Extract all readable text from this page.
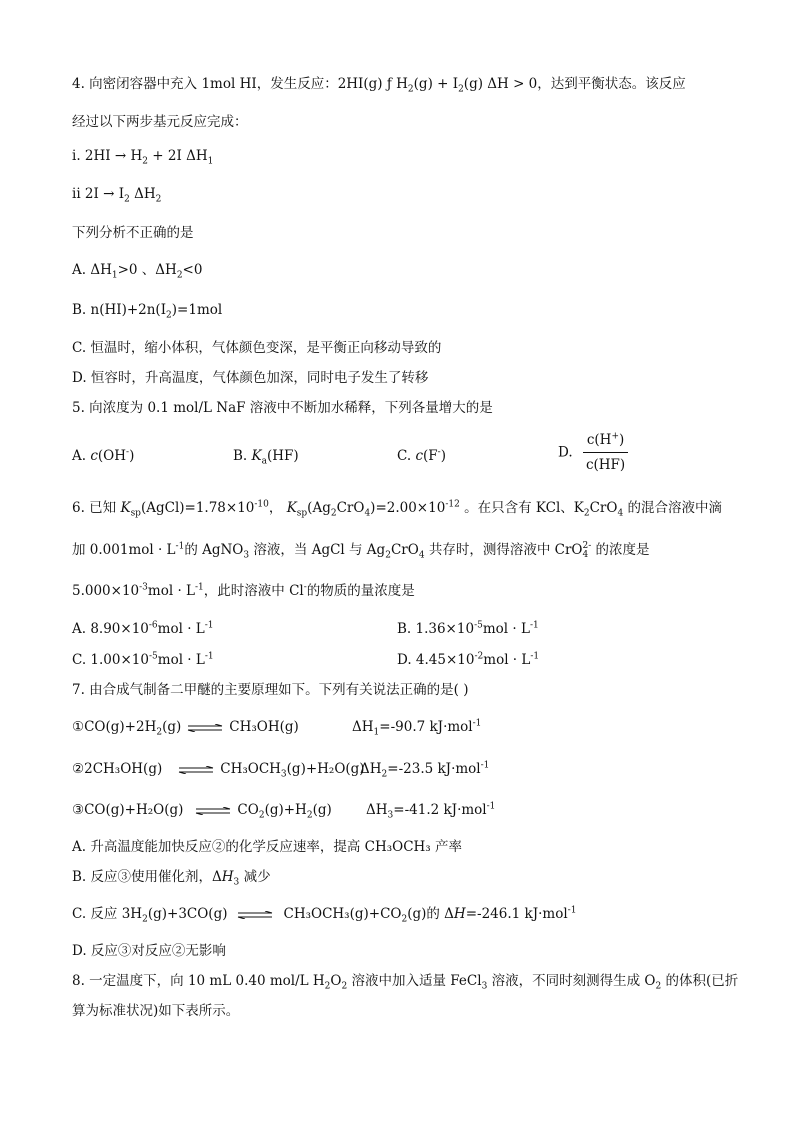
4. 向密闭容器中充入 1mol HI，发生反应：2HI(g) ƒ $H_2(g) + I_2(g) \Delta H > 0$，达到平衡状态。该反应
经过以下两步基元反应完成：
i. $2HI \to H_2 + 2I$ $\Delta H_1$
ii $2I \to I_2$ $\Delta H_2$
下列分析不正确的是
A. $\Delta H_1>0$ 、$\Delta H_2<0$
B. $n(HI)+2n(I_2)=1mol$
C. 恒温时，缩小体积，气体颜色变深，是平衡正向移动导致的
D. 恒容时，升高温度，气体颜色加深，同时电子发生了转移
5. 向浓度为 0.1 mol/L NaF 溶液中不断加水稀释，下列各量增大的是
A. c(OH-)	B. $K_a(HF)$	C. c(F-)	D. $\frac{c(H^+)}{c(HF)}$
6. 已知 $K_{sp}(AgCl)=1.78\times 10^{-10}$， $K_{sp}(Ag_2CrO_4)=2.00\times 10^{-12}$ 。在只含有 KCl、$K_2CrO_4$ 的混合溶液中滴
加 $0.001mol \cdot L^{-1}$的 AgNO$_3$ 溶液，当 AgCl 与 $Ag_2CrO_4$ 共存时，测得溶液中 CrO 2-
4 的浓度是
$5.000\times 10^{-3}mol \cdot L^{-1}$，此时溶液中 Cl-的物质的量浓度是
A. $8.90\times 10^{-6}mol \cdot L^{-1}$	B. $1.36\times 10^{-5}mol \cdot L^{-1}$
C. $1.00\times 10^{-5}mol \cdot L^{-1}$	D. $4.45\times 10^{-2}mol \cdot L^{-1}$
7. 由合成气制备二甲醚的主要原理如下。下列有关说法正确的是( )
$①CO(g)+2H_2(g)$ ⇌ CH₃OH(g)	$\Delta H_1=-90.7$ kJ·mol$^{-1}$
②2CH₃OH(g) ⇌ $CH_3OCH_3(g)+H_2O(g)$
$\Delta H_2=-23.5$ kJ·mol$^{-1}$
③CO(g)+H₂O(g) ⇌ $CO_2(g)+H_2(g)$	$\Delta H_3=-41.2$ kJ·mol$^{-1}$
A. 升高温度能加快反应②的化学反应速率，提高 CH₃OCH₃ 产率
B. 反应③使用催化剂，$\Delta H_3$ 减少
C. 反应 $3H_2(g)+3CO(g)$ ⇌ $CH_3OCH_3(g)+CO_2(g)$的 ΔH=-246.1 kJ·mol$^{-1}$
D. 反应③对反应②无影响
8. 一定温度下，向 10 mL 0.40 mol/L $H_2O_2$ 溶液中加入适量 FeCl$_3$ 溶液，不同时刻测得生成 $O_2$ 的体积(已折
算为标准状况)如下表所示。
